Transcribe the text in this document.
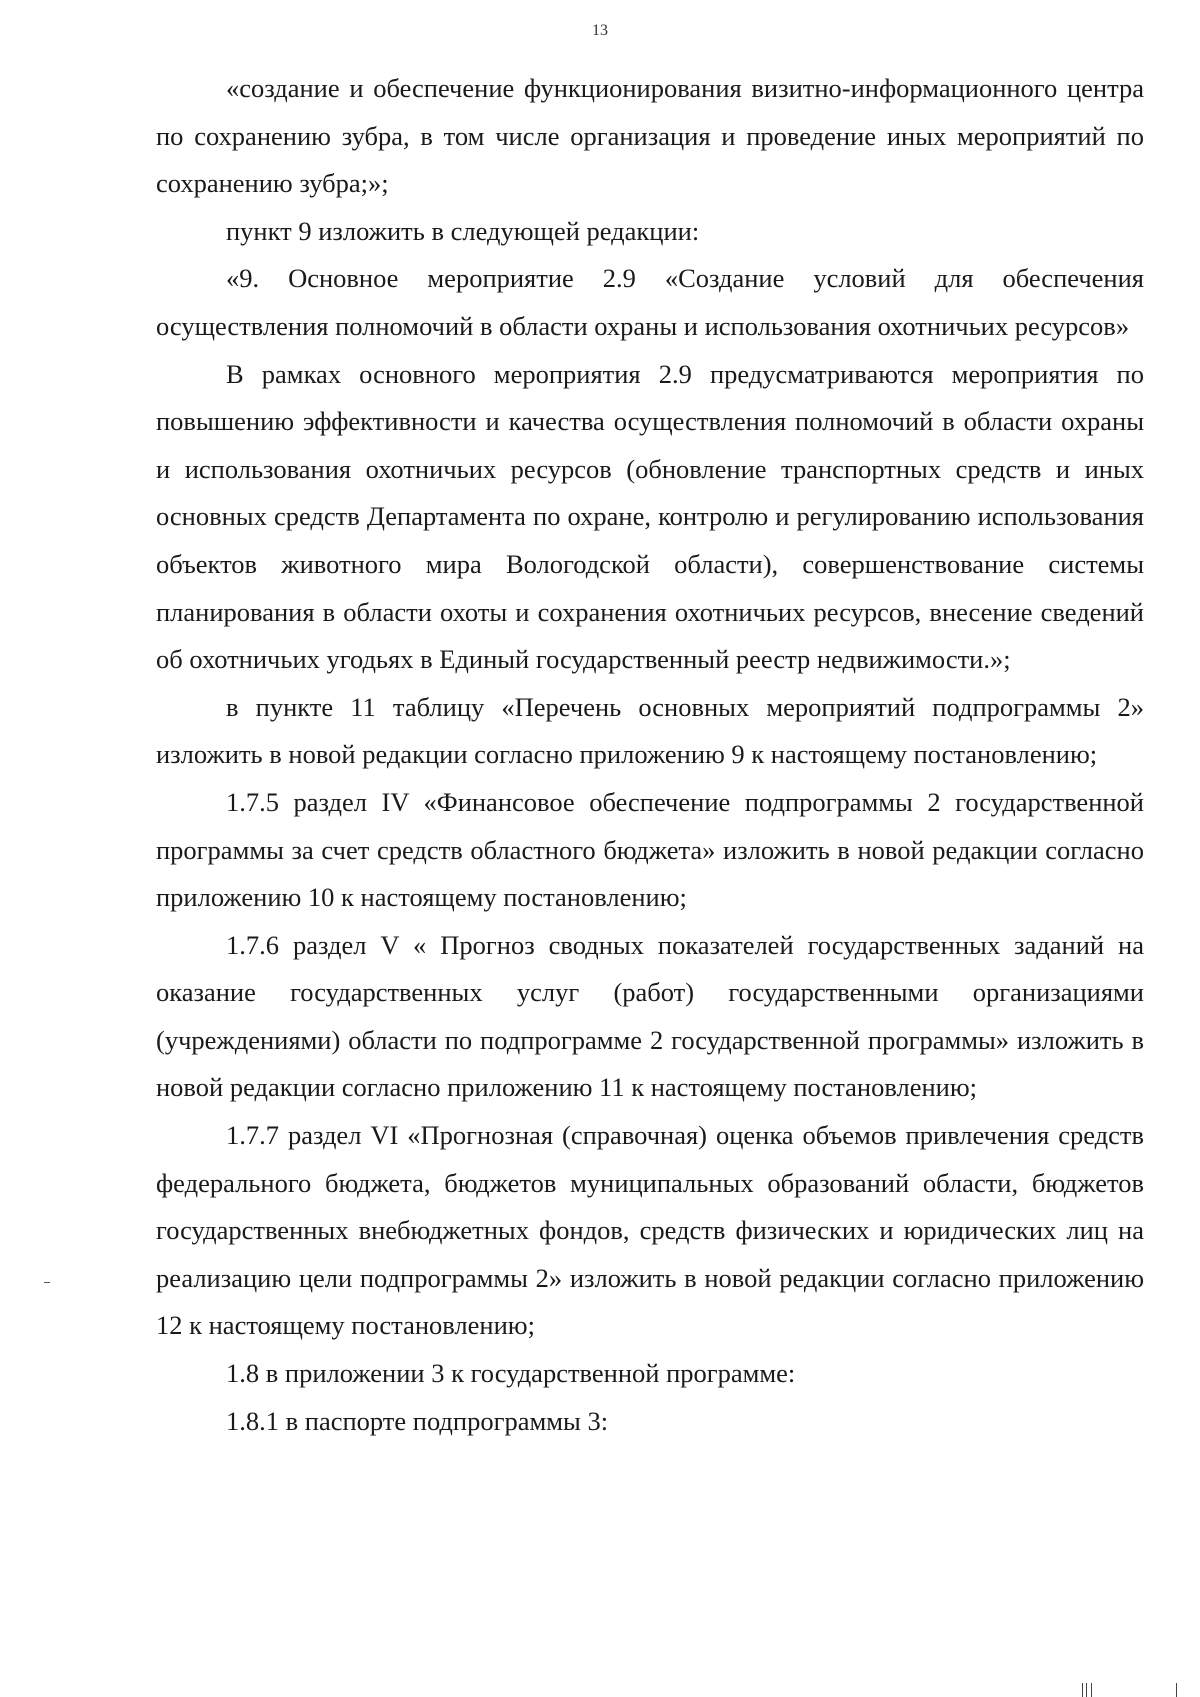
13

«создание и обеспечение функционирования визитно-информационного центра по сохранению зубра, в том числе организация и проведение иных мероприятий по сохранению зубра;»;

пункт 9 изложить в следующей редакции:

«9. Основное мероприятие 2.9 «Создание условий для обеспечения осуществления полномочий в области охраны и использования охотничьих ресурсов»

В рамках основного мероприятия 2.9 предусматриваются мероприятия по повышению эффективности и качества осуществления полномочий в области охраны и использования охотничьих ресурсов (обновление транспортных средств и иных основных средств Департамента по охране, контролю и регулированию использования объектов животного мира Вологодской области), совершенствование системы планирования в области охоты и сохранения охотничьих ресурсов, внесение сведений об охотничьих угодьях в Единый государственный реестр недвижимости.»;

в пункте 11 таблицу «Перечень основных мероприятий подпрограммы 2» изложить в новой редакции согласно приложению 9 к настоящему постановлению;

1.7.5 раздел IV «Финансовое обеспечение подпрограммы 2 государственной программы за счет средств областного бюджета» изложить в новой редакции согласно приложению 10 к настоящему постановлению;

1.7.6 раздел V « Прогноз сводных показателей государственных заданий на оказание государственных услуг (работ) государственными организациями (учреждениями) области по подпрограмме 2 государственной программы» изложить в новой редакции согласно приложению 11 к настоящему постановлению;

1.7.7 раздел VI «Прогнозная (справочная) оценка объемов привлечения средств федерального бюджета, бюджетов муниципальных образований области, бюджетов государственных внебюджетных фондов, средств физических и юридических лиц на реализацию цели подпрограммы 2» изложить в новой редакции согласно приложению 12 к настоящему постановлению;

1.8 в приложении 3 к государственной программе:

1.8.1 в паспорте подпрограммы 3:
